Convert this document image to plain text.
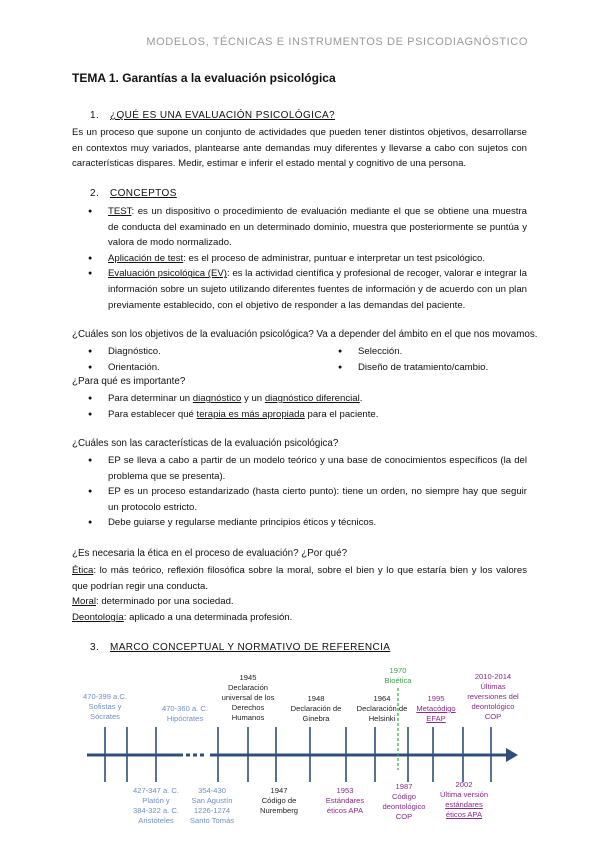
MODELOS, TÉCNICAS E INSTRUMENTOS DE PSICODIAGNÓSTICO
TEMA 1. Garantías a la evaluación psicológica
1. ¿QUÉ ES UNA EVALUACIÓN PSICOLÓGICA?
Es un proceso que supone un conjunto de actividades que pueden tener distintos objetivos, desarrollarse en contextos muy variados, plantearse ante demandas muy diferentes y llevarse a cabo con sujetos con características dispares. Medir, estimar e inferir el estado mental y cognitivo de una persona.
2. CONCEPTOS
● TEST: es un dispositivo o procedimiento de evaluación mediante el que se obtiene una muestra de conducta del examinado en un determinado dominio, muestra que posteriormente se puntúa y valora de modo normalizado.
● Aplicación de test: es el proceso de administrar, puntuar e interpretar un test psicológico.
● Evaluación psicológica (EV): es la actividad científica y profesional de recoger, valorar e integrar la información sobre un sujeto utilizando diferentes fuentes de información y de acuerdo con un plan previamente establecido, con el objetivo de responder a las demandas del paciente.
¿Cuáles son los objetivos de la evaluación psicológica? Va a depender del ámbito en el que nos movamos.
● Diagnóstico.
● Orientación.
● Selección.
● Diseño de tratamiento/cambio.
¿Para qué es importante?
● Para determinar un diagnóstico y un diagnóstico diferencial.
● Para establecer qué terapia es más apropiada para el paciente.
¿Cuáles son las características de la evaluación psicológica?
● EP se lleva a cabo a partir de un modelo teórico y una base de conocimientos específicos (la del problema que se presenta).
● EP es un proceso estandarizado (hasta cierto punto): tiene un orden, no siempre hay que seguir un protocolo estricto.
● Debe guiarse y regularse mediante principios éticos y técnicos.
¿Es necesaria la ética en el proceso de evaluación? ¿Por qué?
Ética: lo más teórico, reflexión filosófica sobre la moral, sobre el bien y lo que estaría bien y los valores que podrían regir una conducta.
Moral: determinado por una sociedad.
Deontología: aplicado a una determinada profesión.
3. MARCO CONCEPTUAL Y NORMATIVO DE REFERENCIA
470-399 a.C.
Sofistas y
Sócrates
470-360 a. C.
Hipócrates
1945
Declaración
universal de los
Derechos
Humanos
1948
Declaración de
Ginebra
1964
Declaración de
Helsinki
1970
Bioética
1995
Metacódigo
EFAP
2010-2014
Últimas
reversiones del
deontológico
COP
427-347 a. C.
Platón y
384-322 a. C.
Aristóteles
354-430
San Agustín
1226-1274
Santo Tomás
1947
Código de
Nuremberg
1953
Estándares
éticos APA
1987
Código
deontológico
COP
2002
Última versión
estándares
éticos APA
